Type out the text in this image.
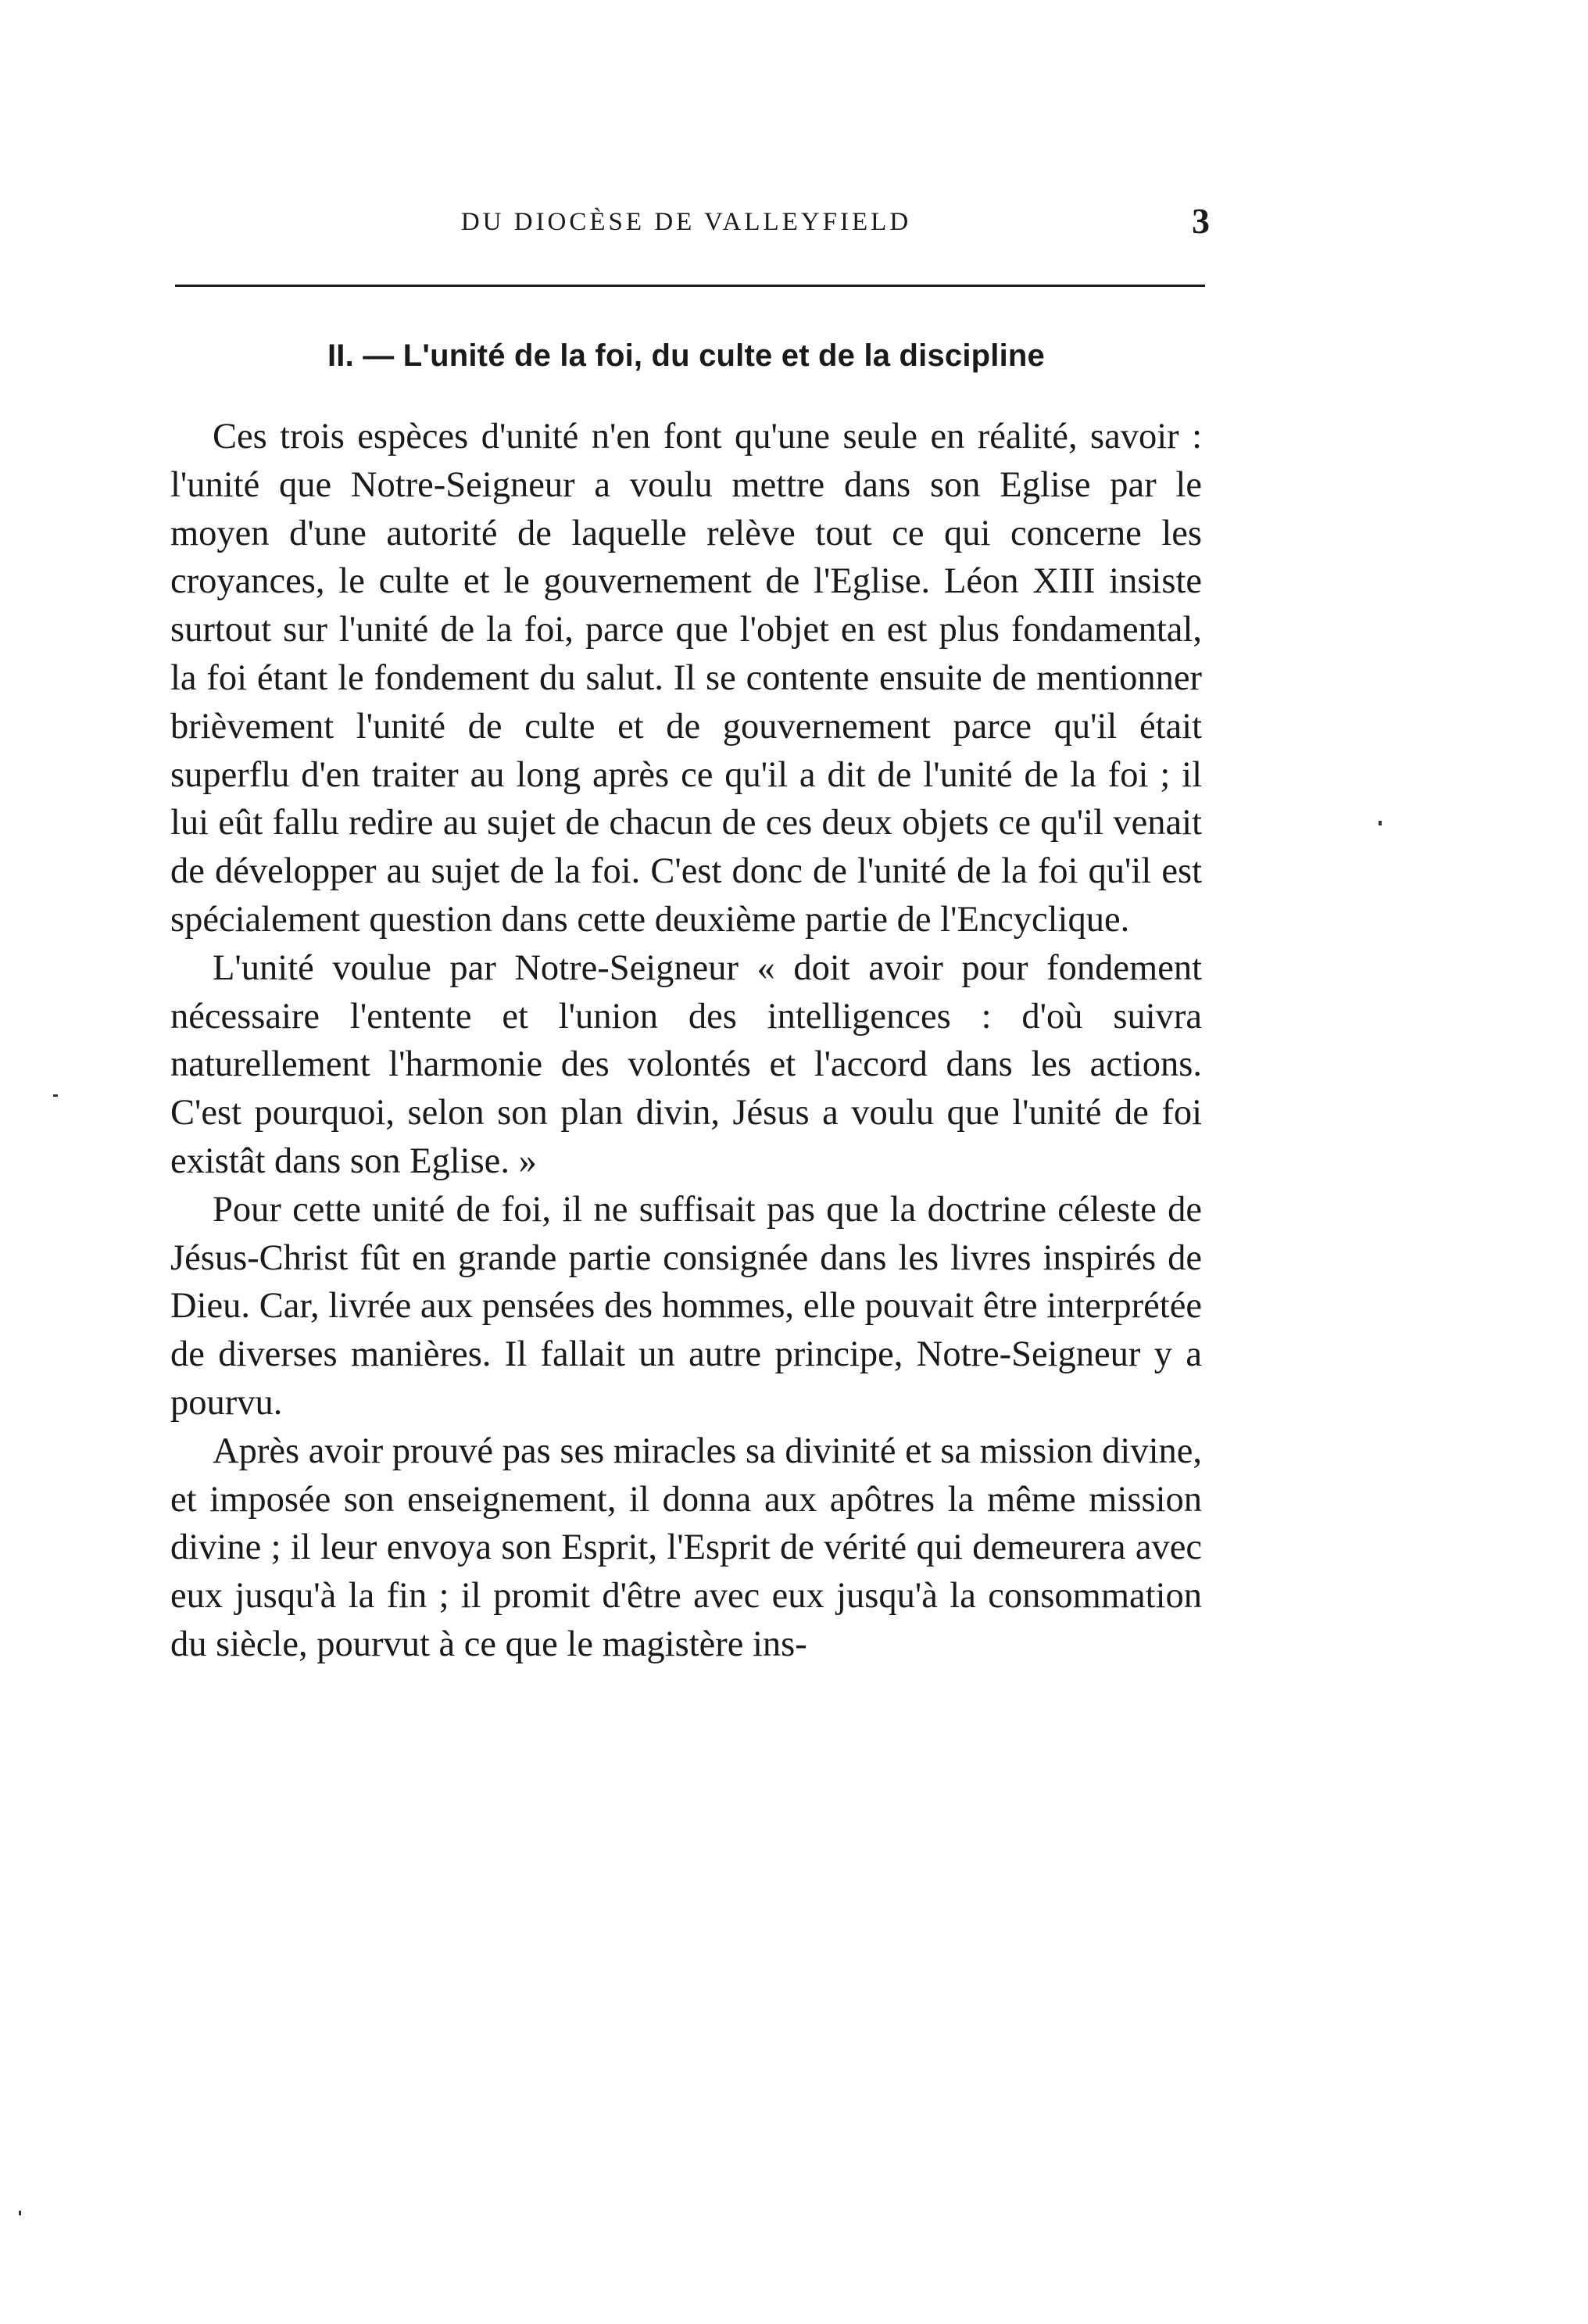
DU DIOCÈSE DE VALLEYFIELD	3
II. — L'unité de la foi, du culte et de la discipline

Ces trois espèces d'unité n'en font qu'une seule en réalité, savoir : l'unité que Notre-Seigneur a voulu mettre dans son Eglise par le moyen d'une autorité de laquelle relève tout ce qui concerne les croyances, le culte et le gouvernement de l'Eglise. Léon XIII insiste surtout sur l'unité de la foi, parce que l'objet en est plus fondamental, la foi étant le fondement du salut. Il se contente ensuite de mentionner brièvement l'unité de culte et de gouvernement parce qu'il était superflu d'en traiter au long après ce qu'il a dit de l'unité de la foi ; il lui eût fallu redire au sujet de chacun de ces deux objets ce qu'il venait de développer au sujet de la foi. C'est donc de l'unité de la foi qu'il est spécialement question dans cette deuxième partie de l'Encyclique.

L'unité voulue par Notre-Seigneur « doit avoir pour fondement nécessaire l'entente et l'union des intelligences : d'où suivra naturellement l'harmonie des volontés et l'accord dans les actions. C'est pourquoi, selon son plan divin, Jésus a voulu que l'unité de foi existât dans son Eglise. »

Pour cette unité de foi, il ne suffisait pas que la doctrine céleste de Jésus-Christ fût en grande partie consignée dans les livres inspirés de Dieu. Car, livrée aux pensées des hommes, elle pouvait être interprétée de diverses manières. Il fallait un autre principe, Notre-Seigneur y a pourvu.

Après avoir prouvé pas ses miracles sa divinité et sa mission divine, et imposée son enseignement, il donna aux apôtres la même mission divine ; il leur envoya son Esprit, l'Esprit de vérité qui demeurera avec eux jusqu'à la fin ; il promit d'être avec eux jusqu'à la consommation du siècle, pourvut à ce que le magistère ins-
